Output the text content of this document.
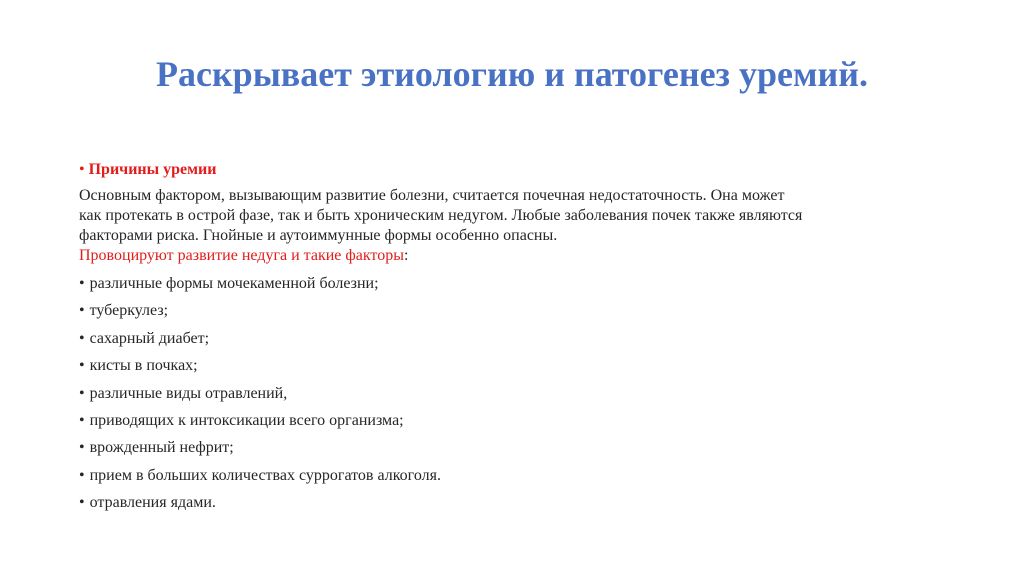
Раскрывает этиологию и патогенез уремий.

• Причины уремии

Основным фактором, вызывающим развитие болезни, считается почечная недостаточность. Она может
как протекать в острой фазе, так и быть хроническим недугом. Любые заболевания почек также являются
факторами риска. Гнойные и аутоиммунные формы особенно опасны.

Провоцируют развитие недуга и такие факторы:

• различные формы мочекаменной болезни;
• туберкулез;
• сахарный диабет;
• кисты в почках;
• различные виды отравлений,
• приводящих к интоксикации всего организма;
• врожденный нефрит;
• прием в больших количествах суррогатов алкоголя.
• отравления ядами.
